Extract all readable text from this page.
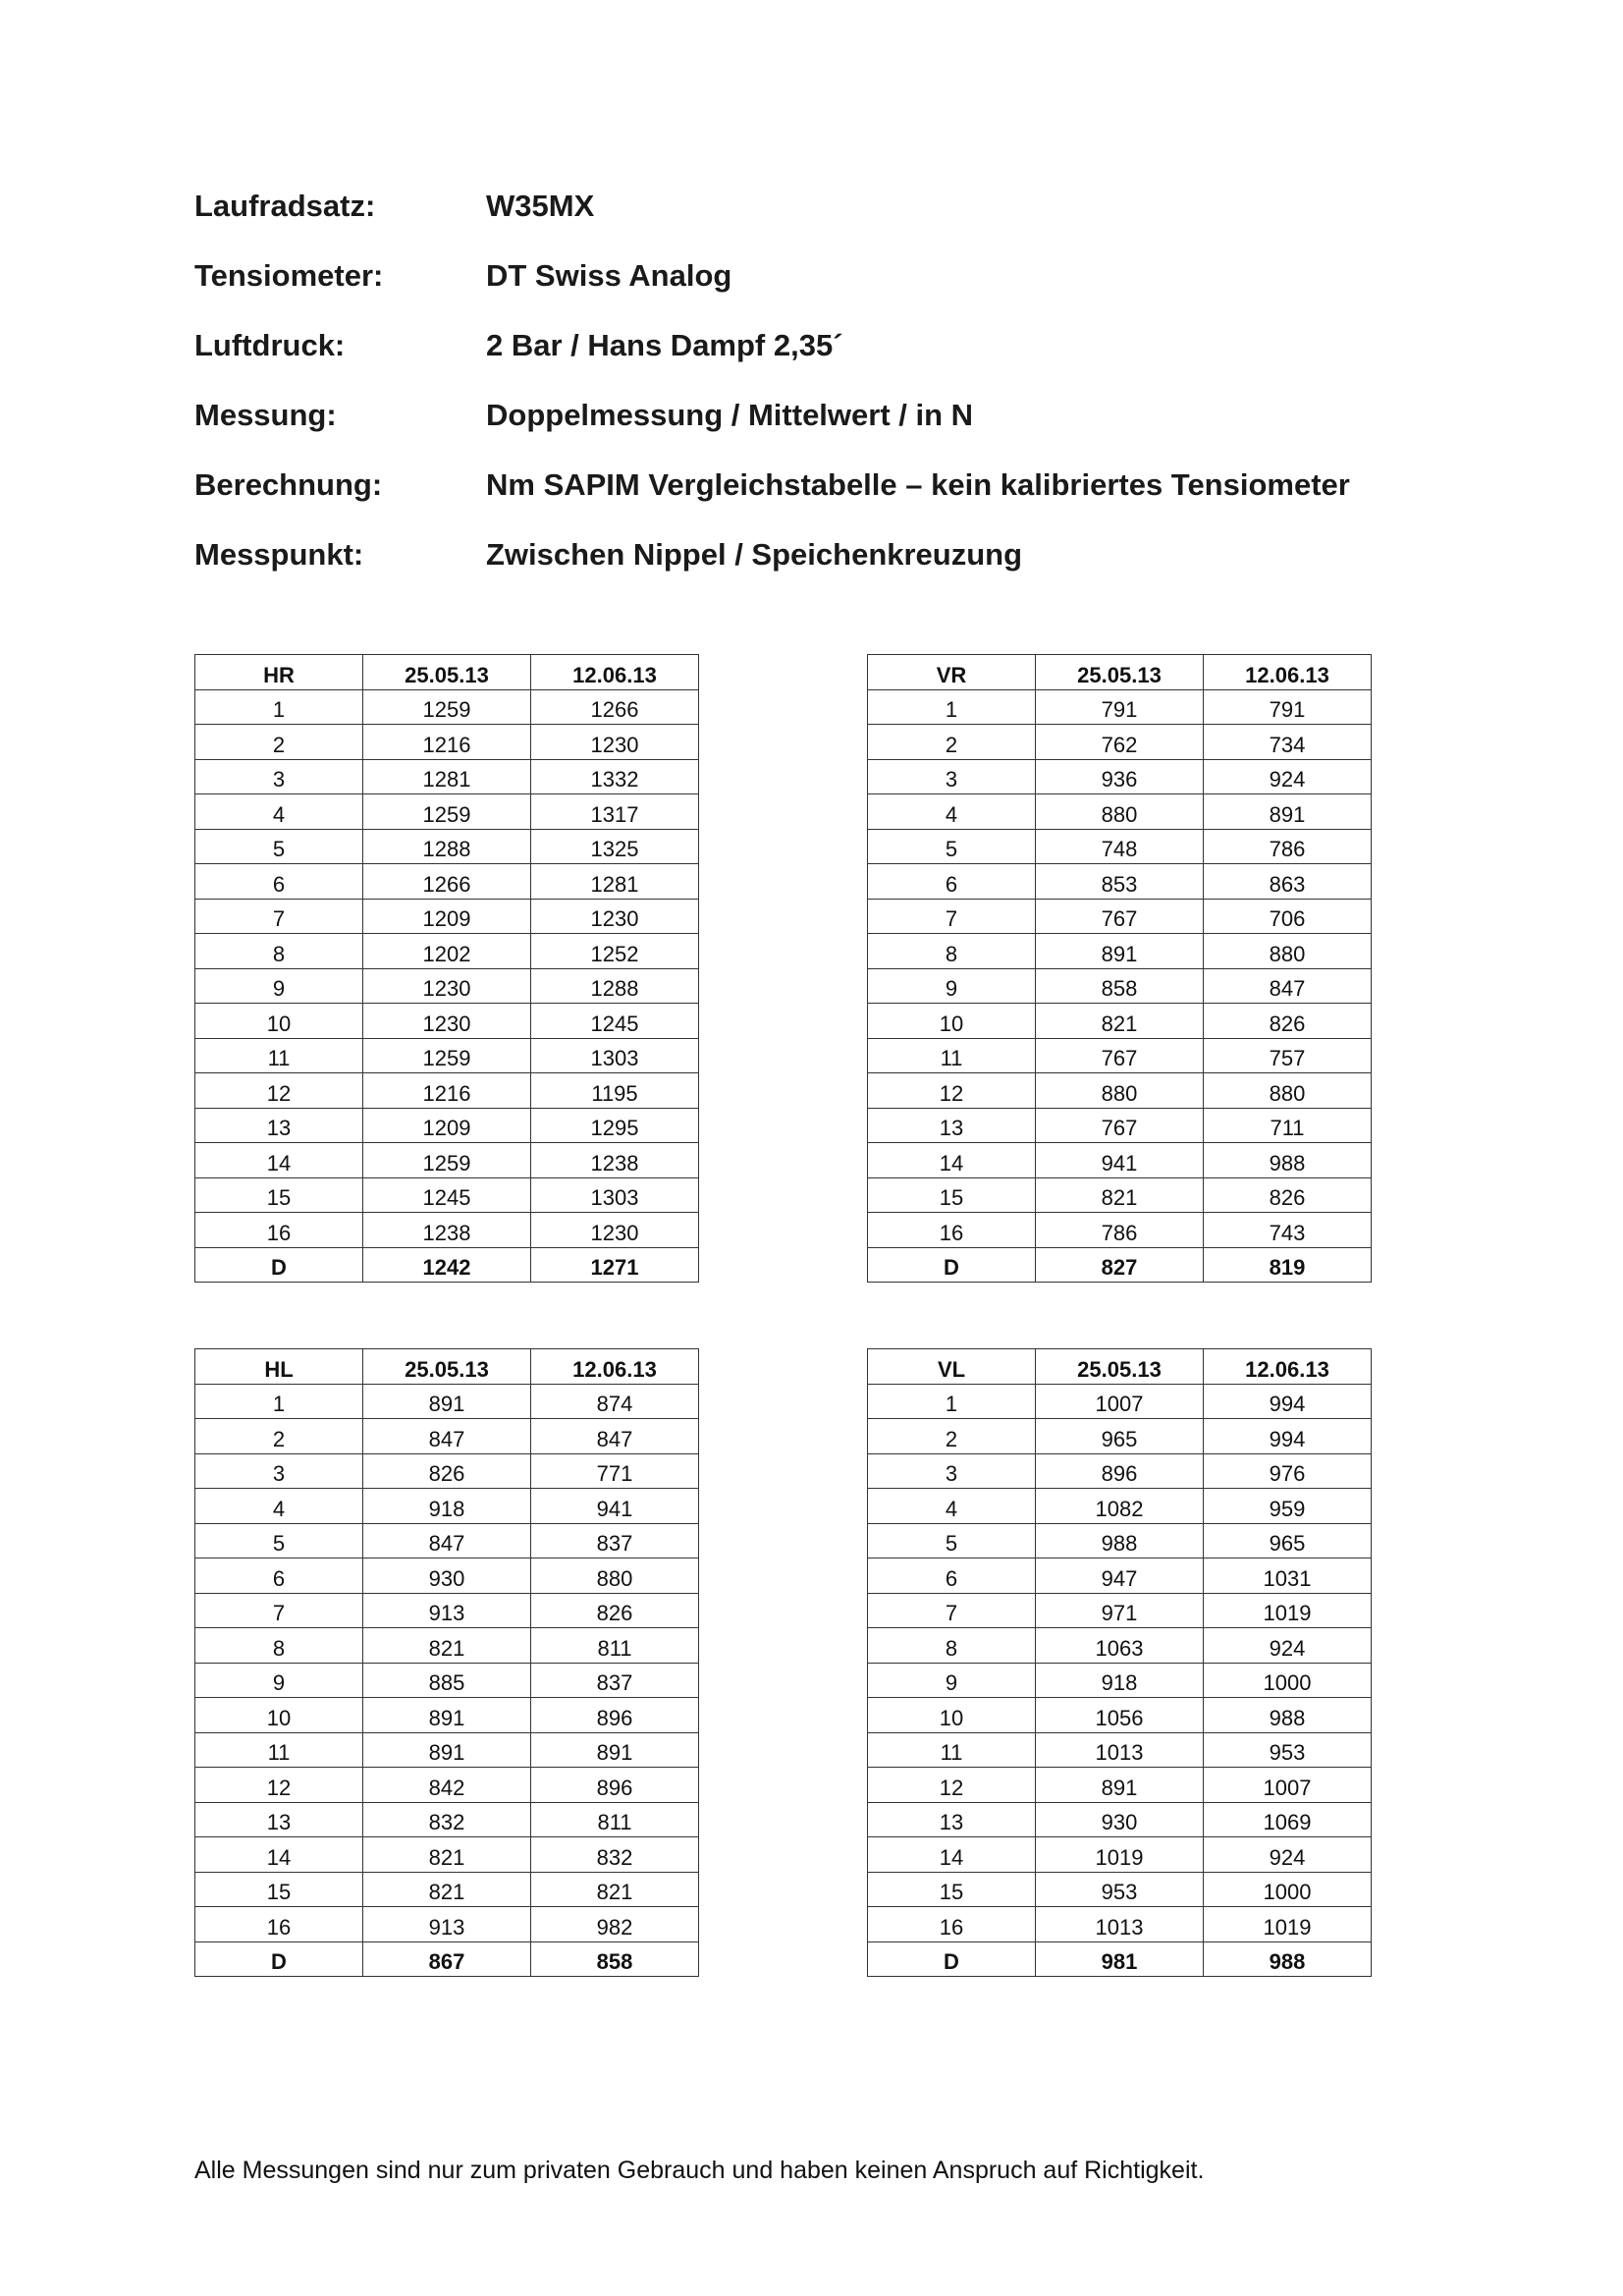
Laufradsatz:	W35MX
Tensiometer:	DT Swiss Analog
Luftdruck:	2 Bar / Hans Dampf 2,35´
Messung:	Doppelmessung / Mittelwert / in N
Berechnung:	Nm SAPIM Vergleichstabelle – kein kalibriertes Tensiometer
Messpunkt:	Zwischen Nippel / Speichenkreuzung
HR	25.05.13	12.06.13
1	1259	1266
2	1216	1230
3	1281	1332
4	1259	1317
5	1288	1325
6	1266	1281
7	1209	1230
8	1202	1252
9	1230	1288
10	1230	1245
11	1259	1303
12	1216	1195
13	1209	1295
14	1259	1238
15	1245	1303
16	1238	1230
D	1242	1271
VR	25.05.13	12.06.13
1	791	791
2	762	734
3	936	924
4	880	891
5	748	786
6	853	863
7	767	706
8	891	880
9	858	847
10	821	826
11	767	757
12	880	880
13	767	711
14	941	988
15	821	826
16	786	743
D	827	819
HL	25.05.13	12.06.13
1	891	874
2	847	847
3	826	771
4	918	941
5	847	837
6	930	880
7	913	826
8	821	811
9	885	837
10	891	896
11	891	891
12	842	896
13	832	811
14	821	832
15	821	821
16	913	982
D	867	858
VL	25.05.13	12.06.13
1	1007	994
2	965	994
3	896	976
4	1082	959
5	988	965
6	947	1031
7	971	1019
8	1063	924
9	918	1000
10	1056	988
11	1013	953
12	891	1007
13	930	1069
14	1019	924
15	953	1000
16	1013	1019
D	981	988
Alle Messungen sind nur zum privaten Gebrauch und haben keinen Anspruch auf Richtigkeit.
